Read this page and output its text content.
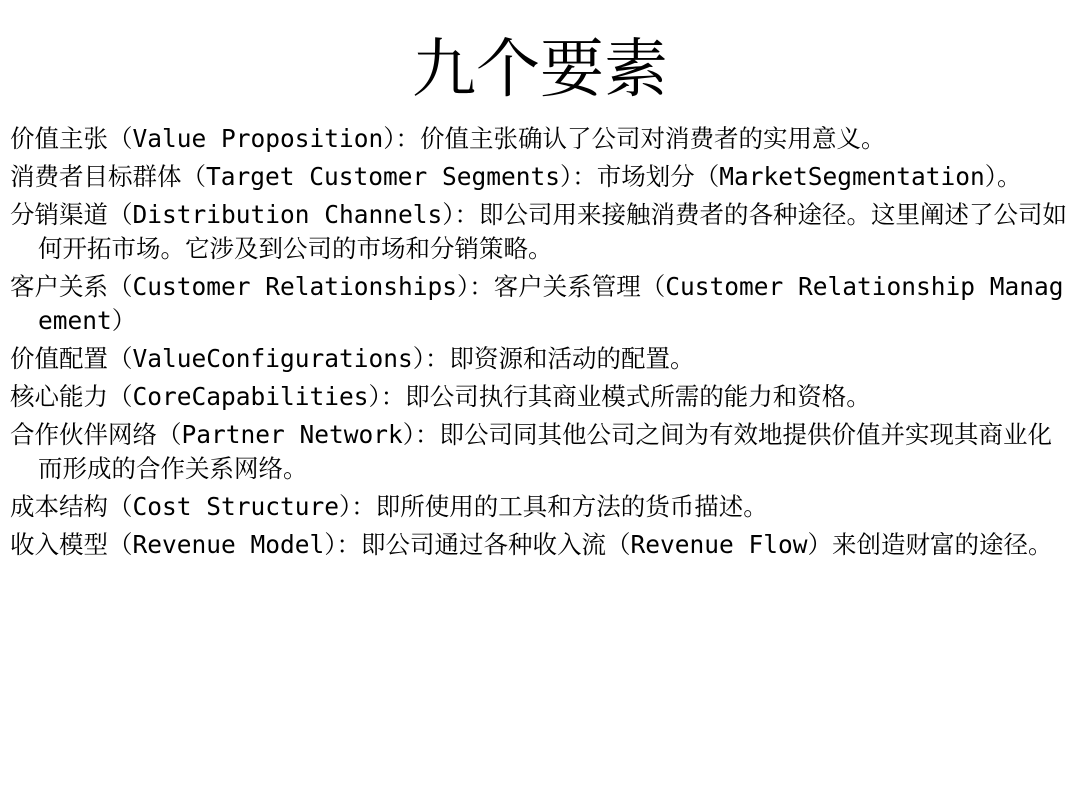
九个要素
价值主张（Value Proposition）：价值主张确认了公司对消费者的实用意义。
消费者目标群体（Target Customer Segments）：市场划分（MarketSegmentation）。
分销渠道（Distribution Channels）：即公司用来接触消费者的各种途径。这里阐述了公司如何开拓市场。它涉及到公司的市场和分销策略。
客户关系（Customer Relationships）：客户关系管理（Customer Relationship Management）
价值配置（ValueConfigurations）：即资源和活动的配置。
核心能力（CoreCapabilities）：即公司执行其商业模式所需的能力和资格。
合作伙伴网络（Partner Network）：即公司同其他公司之间为有效地提供价值并实现其商业化而形成的合作关系网络。
成本结构（Cost Structure）：即所使用的工具和方法的货币描述。
收入模型（Revenue Model）：即公司通过各种收入流（Revenue Flow）来创造财富的途径。
